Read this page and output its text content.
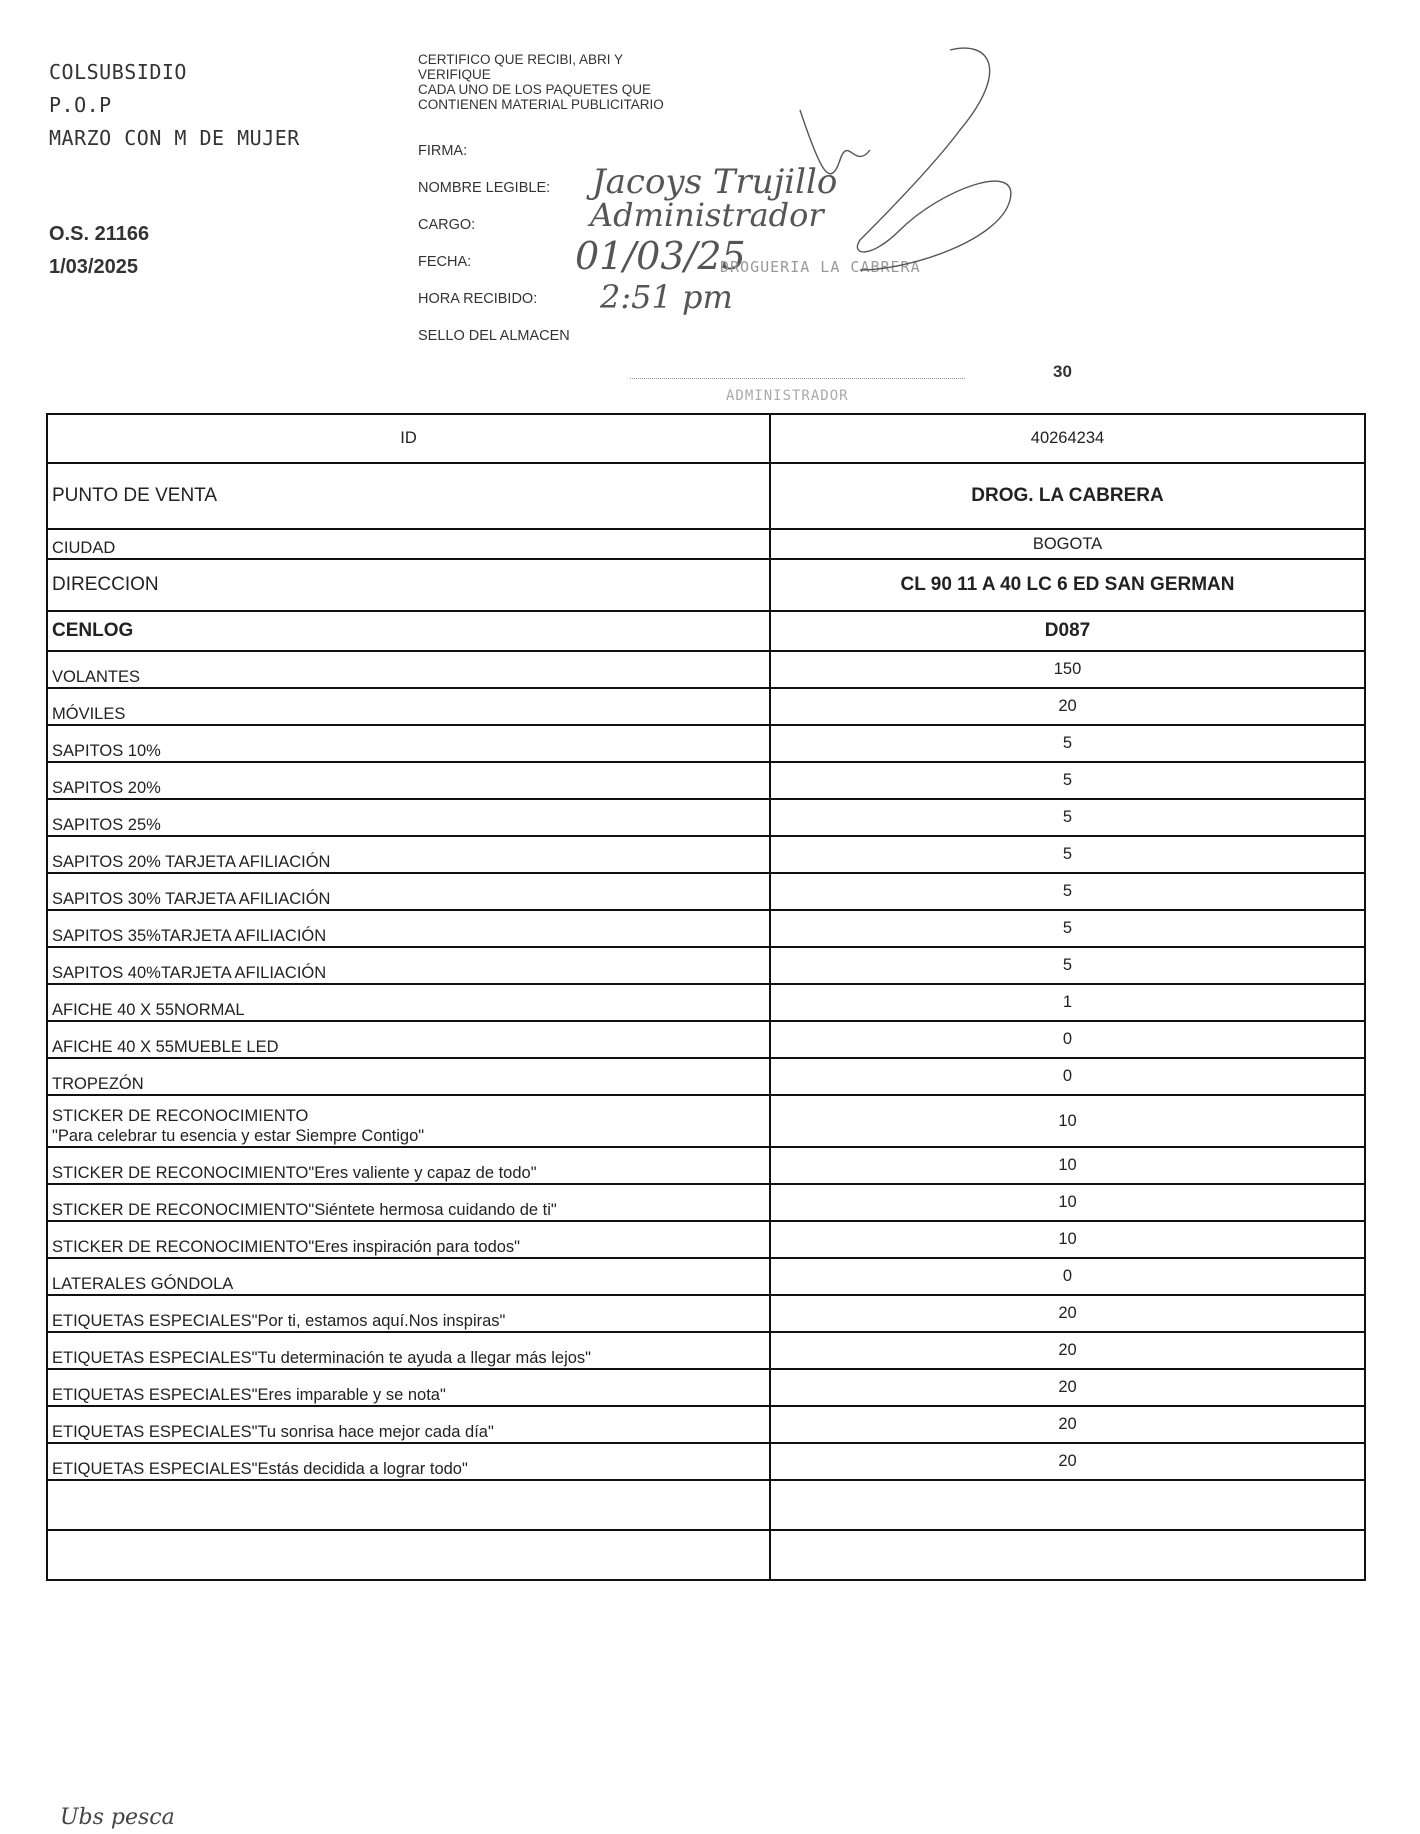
COLSUBSIDIO
P.O.P
MARZO CON M DE MUJER
O.S. 21166
1/03/2025
CERTIFICO QUE RECIBI, ABRI Y
VERIFIQUE
CADA UNO DE LOS PAQUETES QUE
CONTIENEN MATERIAL PUBLICITARIO
FIRMA:
NOMBRE LEGIBLE:
CARGO:
FECHA:
HORA RECIBIDO:
SELLO DEL ALMACEN
Jacoys Trujillo
Administrador
01/03/25
2:51 pm
DROGUERIA LA CABRERA
30
ADMINISTRADOR
ID	40264234
PUNTO DE VENTA	DROG. LA CABRERA
CIUDAD	BOGOTA
DIRECCION	CL 90 11 A 40 LC 6 ED SAN GERMAN
CENLOG	D087
VOLANTES	150
MÓVILES	20
SAPITOS 10%	5
SAPITOS 20%	5
SAPITOS 25%	5
SAPITOS 20% TARJETA AFILIACIÓN	5
SAPITOS 30% TARJETA AFILIACIÓN	5
SAPITOS 35%TARJETA AFILIACIÓN	5
SAPITOS 40%TARJETA AFILIACIÓN	5
AFICHE 40 X 55NORMAL	1
AFICHE 40 X 55MUEBLE LED	0
TROPEZÓN	0
STICKER DE RECONOCIMIENTO
"Para celebrar tu esencia y estar Siempre Contigo"	10
STICKER DE RECONOCIMIENTO"Eres valiente y capaz de todo"	10
STICKER DE RECONOCIMIENTO"Siéntete hermosa cuidando de ti"	10
STICKER DE RECONOCIMIENTO"Eres inspiración para todos"	10
LATERALES GÓNDOLA	0
ETIQUETAS ESPECIALES"Por ti, estamos aquí.Nos inspiras"	20
ETIQUETAS ESPECIALES"Tu determinación te ayuda a llegar más lejos"	20
ETIQUETAS ESPECIALES"Eres imparable y se nota"	20
ETIQUETAS ESPECIALES"Tu sonrisa hace mejor cada día"	20
ETIQUETAS ESPECIALES"Estás decidida a lograr todo"	20

Ubs pesca
